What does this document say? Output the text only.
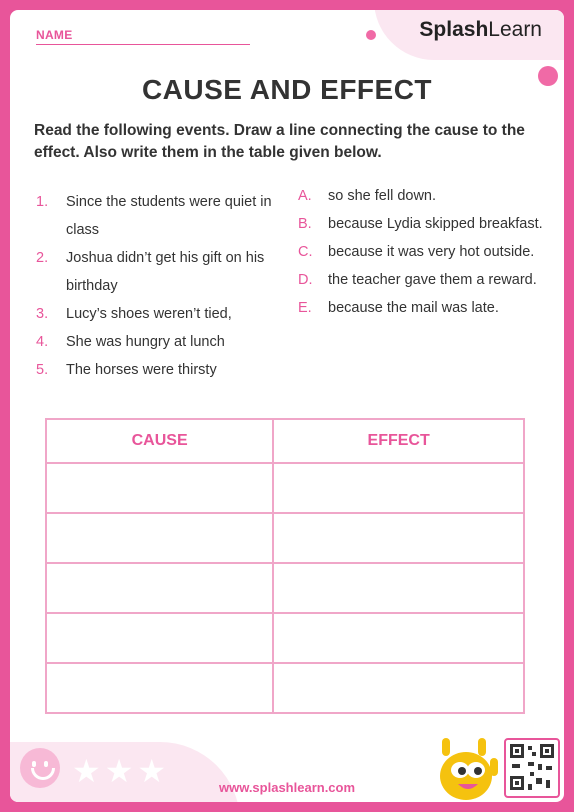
NAME	SplashLearn
CAUSE AND EFFECT
Read the following events. Draw a line connecting the cause to the effect. Also write them in the table given below.
1.	Since the students were quiet in class
2.	Joshua didn’t get his gift on his birthday
3.	Lucy’s shoes weren’t tied,
4.	She was hungry at lunch
5.	The horses were thirsty
A.	so she fell down.
B.	because Lydia skipped breakfast.
C.	because it was very hot outside.
D.	the teacher gave them a reward.
E.	because the mail was late.
CAUSE	EFFECT

★★★	www.splashlearn.com
